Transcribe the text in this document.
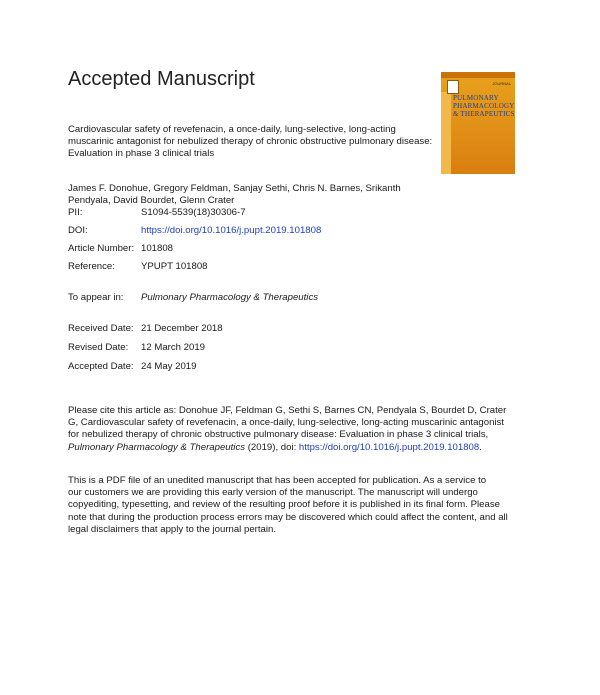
Accepted Manuscript	JOURNAL
PULMONARY
PHARMACOLOGY
& THERAPEUTICS
Cardiovascular safety of revefenacin, a once-daily, lung-selective, long-acting
muscarinic antagonist for nebulized therapy of chronic obstructive pulmonary disease:
Evaluation in phase 3 clinical trials
James F. Donohue, Gregory Feldman, Sanjay Sethi, Chris N. Barnes, Srikanth
Pendyala, David Bourdet, Glenn Crater
PII:	S1094-5539(18)30306-7
DOI:	https://doi.org/10.1016/j.pupt.2019.101808
Article Number: 101808
Reference:	YPUPT 101808
To appear in: Pulmonary Pharmacology & Therapeutics
Received Date: 21 December 2018
Revised Date: 12 March 2019
Accepted Date: 24 May 2019
Please cite this article as: Donohue JF, Feldman G, Sethi S, Barnes CN, Pendyala S, Bourdet D, Crater
G, Cardiovascular safety of revefenacin, a once-daily, lung-selective, long-acting muscarinic antagonist
for nebulized therapy of chronic obstructive pulmonary disease: Evaluation in phase 3 clinical trials,
Pulmonary Pharmacology & Therapeutics (2019), doi: https://doi.org/10.1016/j.pupt.2019.101808.
This is a PDF file of an unedited manuscript that has been accepted for publication. As a service to
our customers we are providing this early version of the manuscript. The manuscript will undergo
copyediting, typesetting, and review of the resulting proof before it is published in its final form. Please
note that during the production process errors may be discovered which could affect the content, and all
legal disclaimers that apply to the journal pertain.
